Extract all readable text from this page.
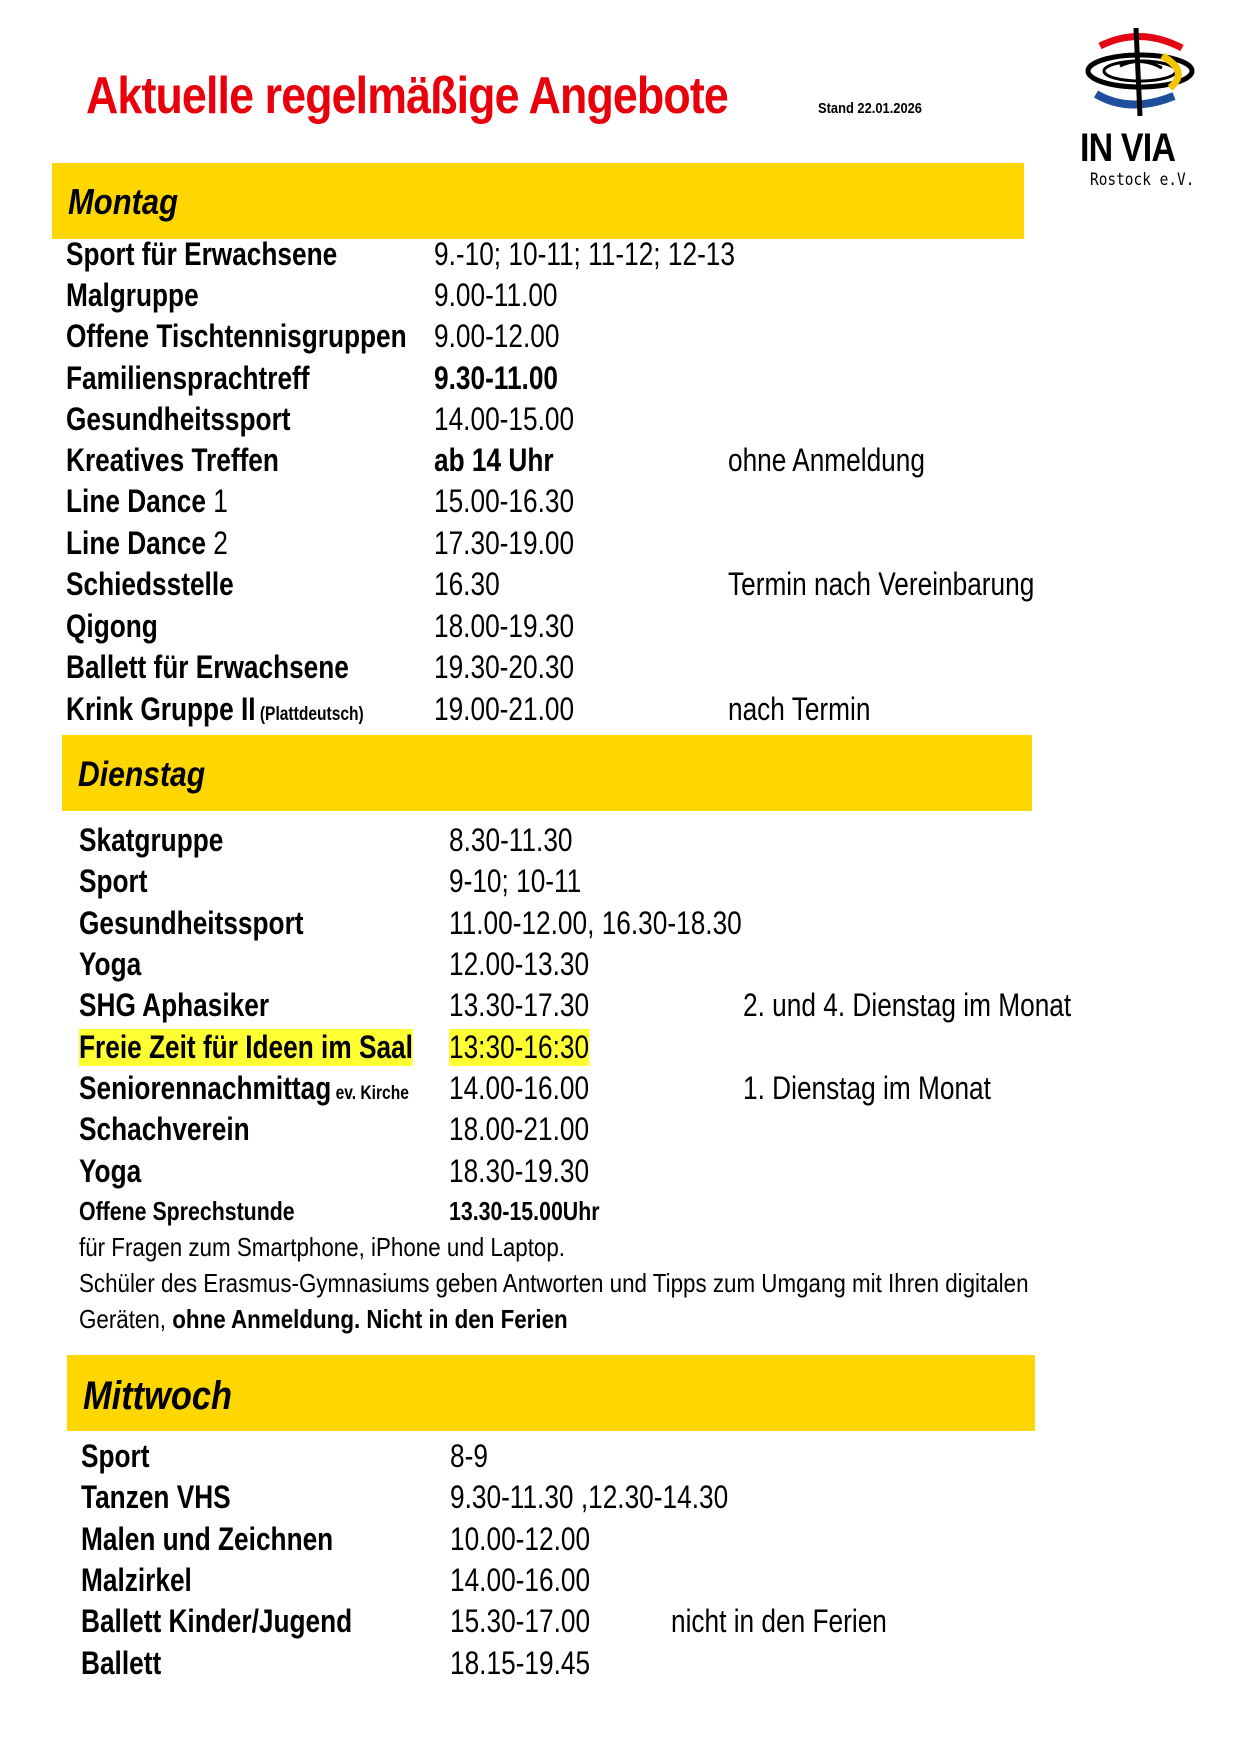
Aktuelle regelmäßige Angebote	Stand 22.01.2026
IN VIA
Rostock e.V.
Montag
Sport für Erwachsene	9.-10; 10-11; 11-12; 12-13
Malgruppe	9.00-11.00
Offene Tischtennisgruppen 9.00-12.00
Familiensprachtreff	9.30-11.00
Gesundheitssport	14.00-15.00
Kreatives Treffen	ab 14 Uhr	ohne Anmeldung
Line Dance 1	15.00-16.30
Line Dance 2	17.30-19.00
Schiedsstelle	16.30	Termin nach Vereinbarung
Qigong	18.00-19.30
Ballett für Erwachsene	19.30-20.30
Krink Gruppe II (Plattdeutsch) 19.00-21.00	nach Termin
Dienstag
Skatgruppe	8.30-11.30
Sport	9-10; 10-11
Gesundheitssport	11.00-12.00, 16.30-18.30
Yoga	12.00-13.30
SHG Aphasiker	13.30-17.30	2. und 4. Dienstag im Monat
Freie Zeit für Ideen im Saal 13:30-16:30
Seniorennachmittag ev. Kirche 14.00-16.00	1. Dienstag im Monat
Schachverein	18.00-21.00
Yoga	18.30-19.30
Offene Sprechstunde	13.30-15.00Uhr
für Fragen zum Smartphone, iPhone und Laptop.
Schüler des Erasmus-Gymnasiums geben Antworten und Tipps zum Umgang mit Ihren digitalen
Geräten, ohne Anmeldung. Nicht in den Ferien
Mittwoch
Sport	8-9
Tanzen VHS	9.30-11.30 ,12.30-14.30
Malen und Zeichnen	10.00-12.00
Malzirkel	14.00-16.00
Ballett Kinder/Jugend	15.30-17.00	nicht in den Ferien
Ballett	18.15-19.45
